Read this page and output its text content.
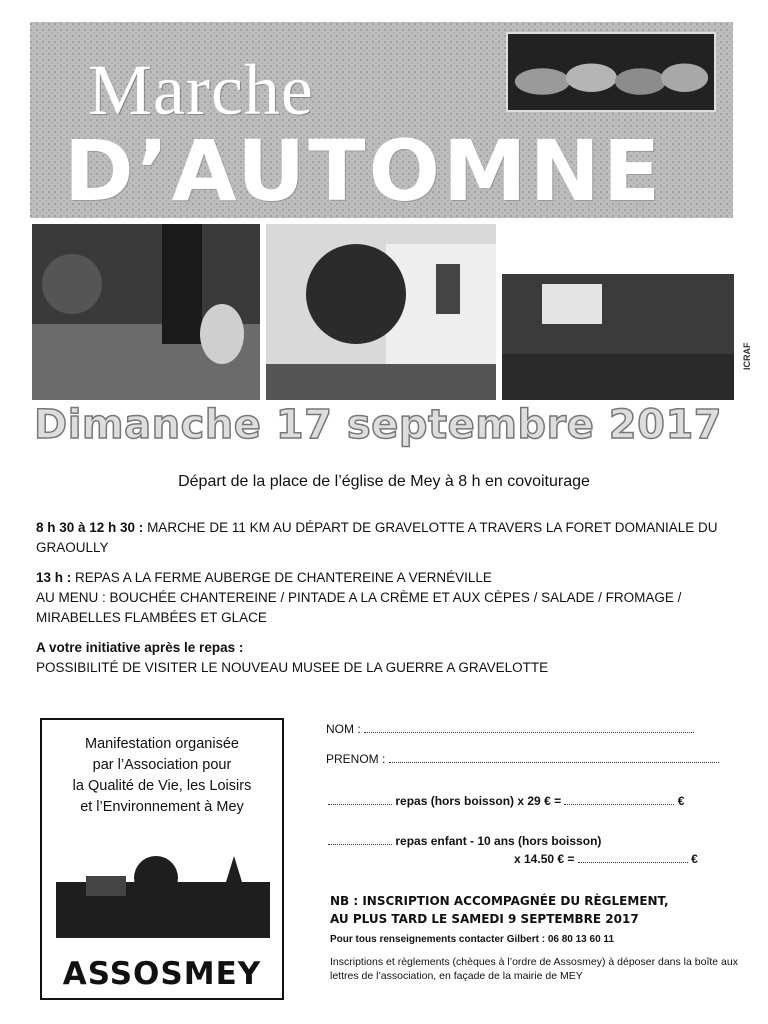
Marche
D’AUTOMNE
Musée de la Guerre à Gravelotte
ICRAF
Dimanche 17 septembre 2017
Départ de la place de l’église de Mey à 8 h en covoiturage

8 h 30 à 12 h 30 : MARCHE DE 11 KM AU DÉPART DE GRAVELOTTE A TRAVERS LA FORET DOMANIALE DU GRAOULLY

13 h : REPAS A LA FERME AUBERGE DE CHANTEREINE A VERNÉVILLE
AU MENU : BOUCHÉE CHANTEREINE / PINTADE A LA CRÈME ET AUX CÈPES / SALADE / FROMAGE / MIRABELLES FLAMBÉES ET GLACE

A votre initiative après le repas :
POSSIBILITÉ DE VISITER LE NOUVEAU MUSEE DE LA GUERRE A GRAVELOTTE

Manifestation organisée
par l’Association pour
la Qualité de Vie, les Loisirs
et l’Environnement à Mey
ASSOSMEY
NOM :
PRENOM :
repas (hors boisson) x 29 € =	€
repas enfant - 10 ans (hors boisson)
x 14.50 € =	€
NB : INSCRIPTION ACCOMPAGNÉE DU RÈGLEMENT,
AU PLUS TARD LE SAMEDI 9 SEPTEMBRE 2017
Pour tous renseignements contacter Gilbert : 06 80 13 60 11
Inscriptions et règlements (chèques à l’ordre de Assosmey) à déposer dans la boîte aux lettres de l’association, en façade de la mairie de MEY
